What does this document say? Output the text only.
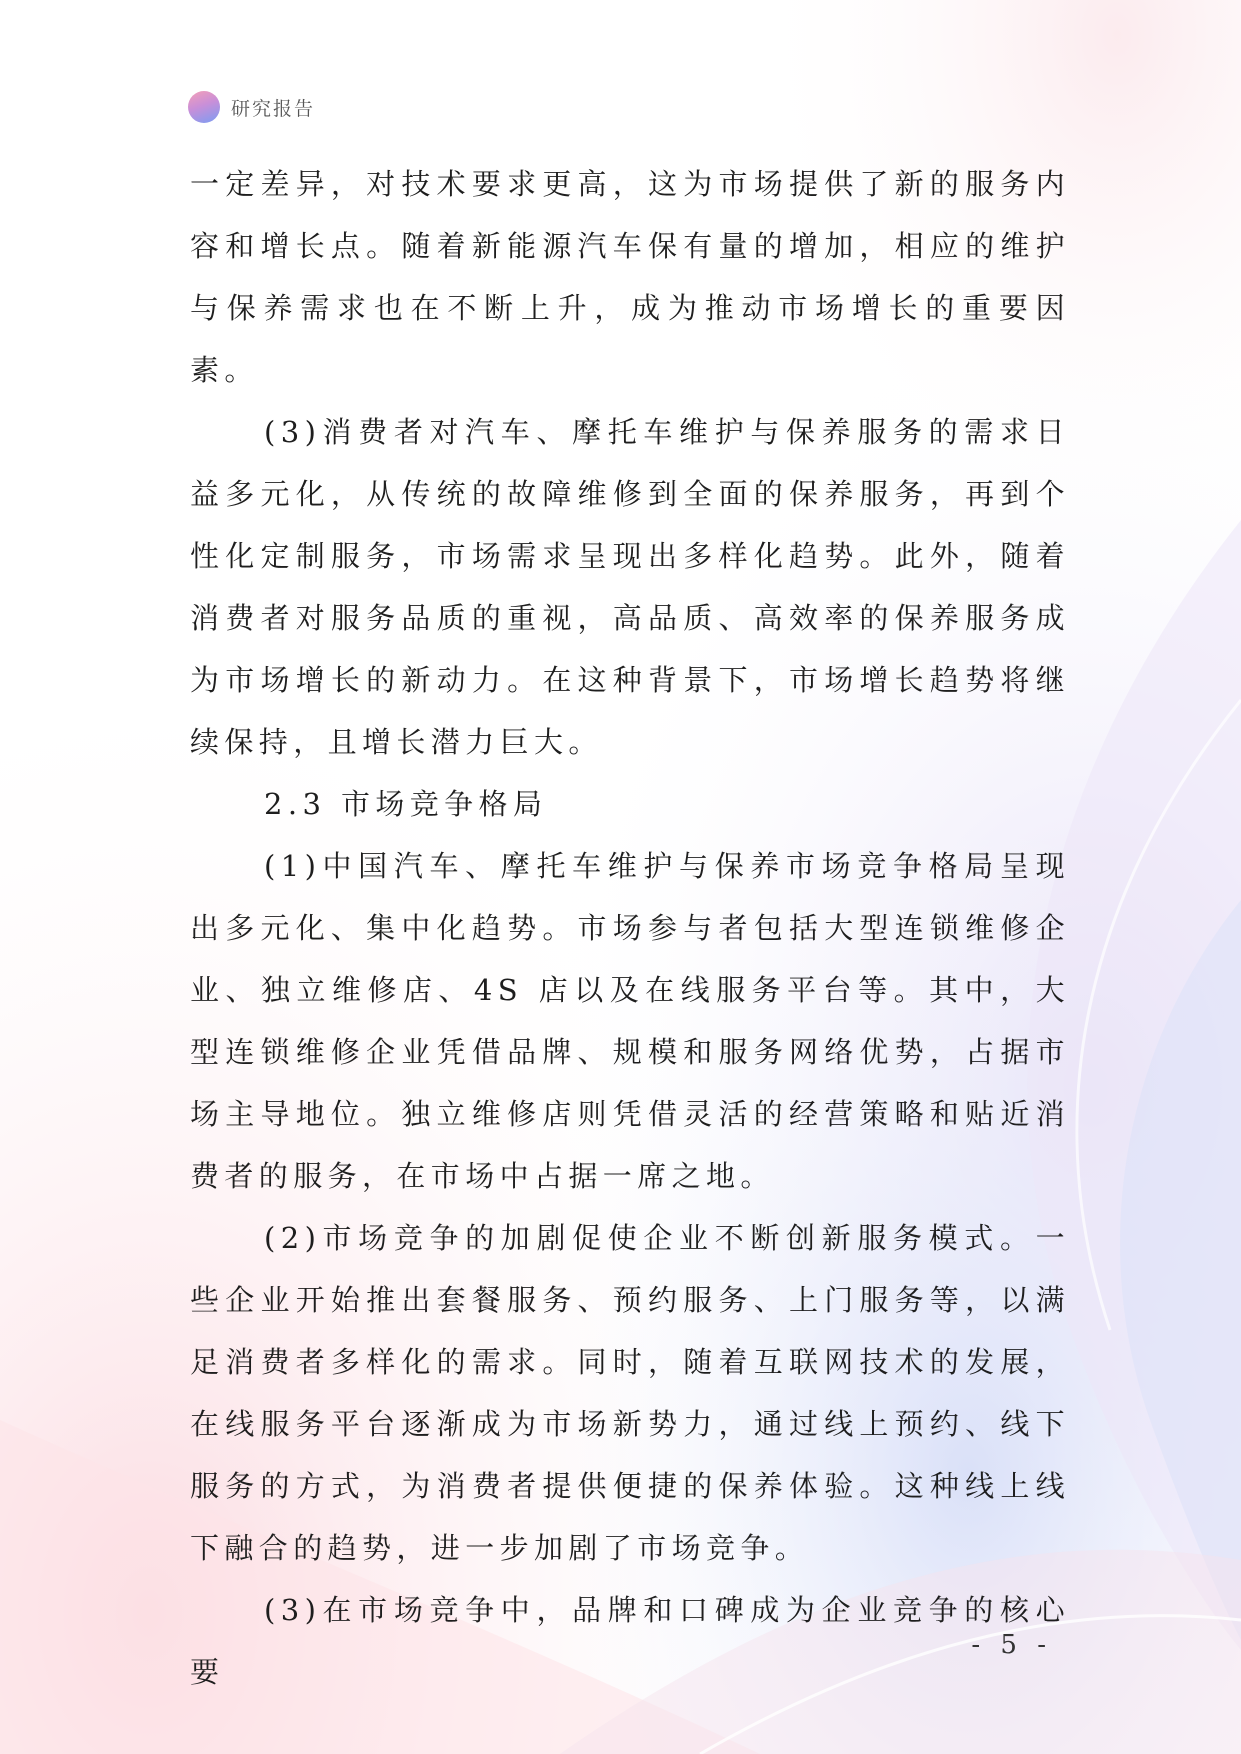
研究报告

一定差异，对技术要求更高，这为市场提供了新的服务内容和增长点。随着新能源汽车保有量的增加，相应的维护与保养需求也在不断上升，成为推动市场增长的重要因素。

(3)消费者对汽车、摩托车维护与保养服务的需求日益多元化，从传统的故障维修到全面的保养服务，再到个性化定制服务，市场需求呈现出多样化趋势。此外，随着消费者对服务品质的重视，高品质、高效率的保养服务成为市场增长的新动力。在这种背景下，市场增长趋势将继续保持，且增长潜力巨大。

2.3 市场竞争格局

(1)中国汽车、摩托车维护与保养市场竞争格局呈现出多元化、集中化趋势。市场参与者包括大型连锁维修企业、独立维修店、4S 店以及在线服务平台等。其中，大型连锁维修企业凭借品牌、规模和服务网络优势，占据市场主导地位。独立维修店则凭借灵活的经营策略和贴近消费者的服务，在市场中占据一席之地。

(2)市场竞争的加剧促使企业不断创新服务模式。一些企业开始推出套餐服务、预约服务、上门服务等，以满足消费者多样化的需求。同时，随着互联网技术的发展，在线服务平台逐渐成为市场新势力，通过线上预约、线下服务的方式，为消费者提供便捷的保养体验。这种线上线下融合的趋势，进一步加剧了市场竞争。

(3)在市场竞争中，品牌和口碑成为企业竞争的核心要

- 5 -
